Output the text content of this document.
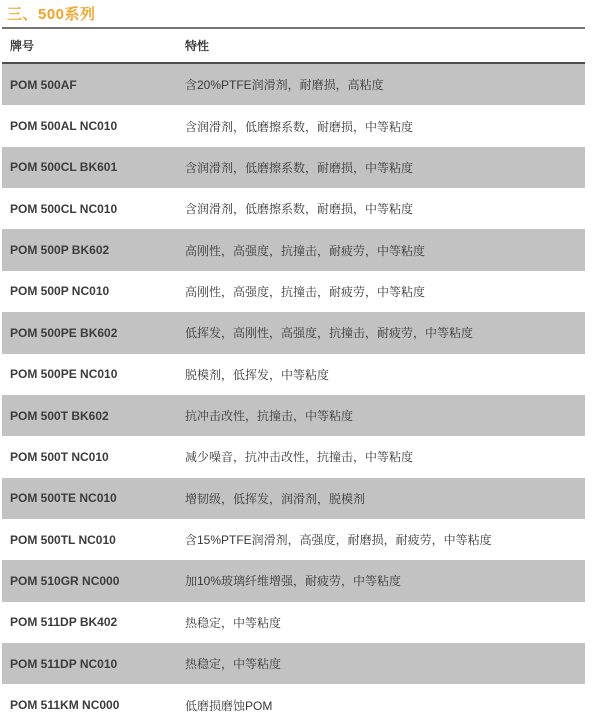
三、500系列
牌号	特性
POM 500AF	含20%PTFE润滑剂，耐磨损，高粘度
POM 500AL NC010	含润滑剂，低磨擦系数，耐磨损，中等粘度
POM 500CL BK601	含润滑剂，低磨擦系数，耐磨损，中等粘度
POM 500CL NC010	含润滑剂，低磨擦系数，耐磨损，中等粘度
POM 500P BK602	高刚性，高强度，抗撞击，耐疲劳，中等粘度
POM 500P NC010	高刚性，高强度，抗撞击，耐疲劳，中等粘度
POM 500PE BK602	低挥发，高刚性，高强度，抗撞击，耐疲劳，中等粘度
POM 500PE NC010	脱模剂，低挥发，中等粘度
POM 500T BK602	抗冲击改性，抗撞击，中等粘度
POM 500T NC010	减少噪音，抗冲击改性，抗撞击，中等粘度
POM 500TE NC010	增韧级，低挥发，润滑剂，脱模剂
POM 500TL NC010	含15%PTFE润滑剂，高强度，耐磨损，耐疲劳，中等粘度
POM 510GR NC000	加10%玻璃纤维增强，耐疲劳，中等粘度
POM 511DP BK402	热稳定，中等粘度
POM 511DP NC010	热稳定，中等粘度
POM 511KM NC000	低磨损磨蚀POM
